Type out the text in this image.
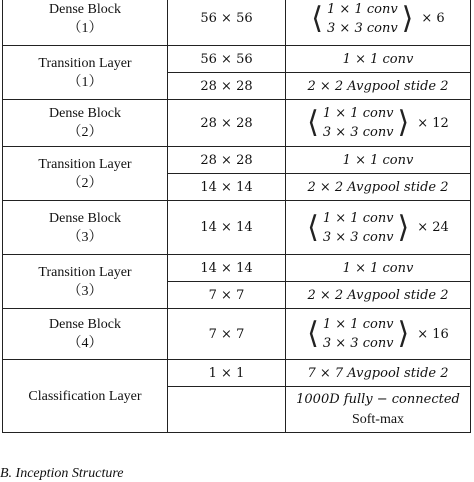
Dense Block
（1）	56 × 56	⟨ 1 × 1 conv
3 × 3 conv ⟩ × 6

Transition Layer
（1）	56 × 56	1 × 1 conv
	28 × 28	2 × 2 Avgpool stide 2

Dense Block
（2）	28 × 28	⟨ 1 × 1 conv
3 × 3 conv ⟩ × 12

Transition Layer
（2）	28 × 28	1 × 1 conv
	14 × 14	2 × 2 Avgpool stide 2

Dense Block
（3）	14 × 14	⟨ 1 × 1 conv
3 × 3 conv ⟩ × 24

Transition Layer
（3）	14 × 14	1 × 1 conv
	7 × 7	2 × 2 Avgpool stide 2

Dense Block
（4）	7 × 7	⟨ 1 × 1 conv
3 × 3 conv ⟩ × 16

Classification Layer	1 × 1	7 × 7 Avgpool stide 2

		1000D fully − connected
Soft-max
B. Inception Structure
